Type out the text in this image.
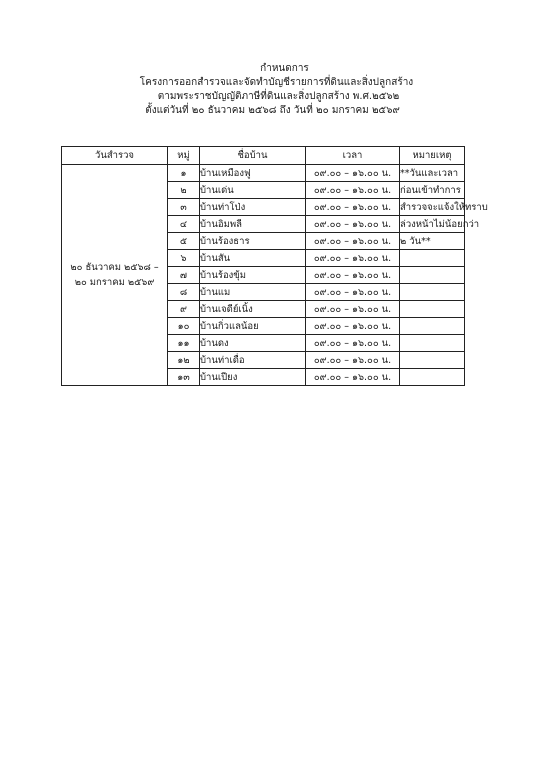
กำหนดการ
โครงการออกสำรวจและจัดทำบัญชีรายการที่ดินและสิ่งปลูกสร้าง
ตามพระราชบัญญัติภาษีที่ดินและสิ่งปลูกสร้าง พ.ศ.๒๕๖๒
ตั้งแต่วันที่ ๒๐ ธันวาคม ๒๕๖๘ ถึง วันที่ ๒๐ มกราคม ๒๕๖๙
วันสำรวจ	หมู่	ชื่อบ้าน	เวลา	หมายเหตุ

๒๐ ธันวาคม ๒๕๖๘ –
๒๐ มกราคม ๒๕๖๙	๑	บ้านเหมืองฟู	๐๙.๐๐ – ๑๖.๐๐ น.	**วันและเวลา
	๒	บ้านเด่น	๐๙.๐๐ – ๑๖.๐๐ น.	ก่อนเข้าทำการ
	๓	บ้านท่าโป่ง	๐๙.๐๐ – ๑๖.๐๐ น.	สำรวจจะแจ้งให้ทราบ
	๔	บ้านอิมพลี	๐๙.๐๐ – ๑๖.๐๐ น.	ล่วงหน้าไม่น้อยกว่า
	๕	บ้านร้องธาร	๐๙.๐๐ – ๑๖.๐๐ น.	๒ วัน**
	๖	บ้านสัน	๐๙.๐๐ – ๑๖.๐๐ น.	
	๗	บ้านร้องขุ้ม	๐๙.๐๐ – ๑๖.๐๐ น.	
	๘	บ้านแม	๐๙.๐๐ – ๑๖.๐๐ น.	
	๙	บ้านเจดีย์เนิ้ง	๐๙.๐๐ – ๑๖.๐๐ น.	
	๑๐	บ้านกิ่วแลน้อย	๐๙.๐๐ – ๑๖.๐๐ น.	
	๑๑	บ้านดง	๐๙.๐๐ – ๑๖.๐๐ น.	
	๑๒	บ้านท่าเดื่อ	๐๙.๐๐ – ๑๖.๐๐ น.	
	๑๓	บ้านเปียง	๐๙.๐๐ – ๑๖.๐๐ น.	
